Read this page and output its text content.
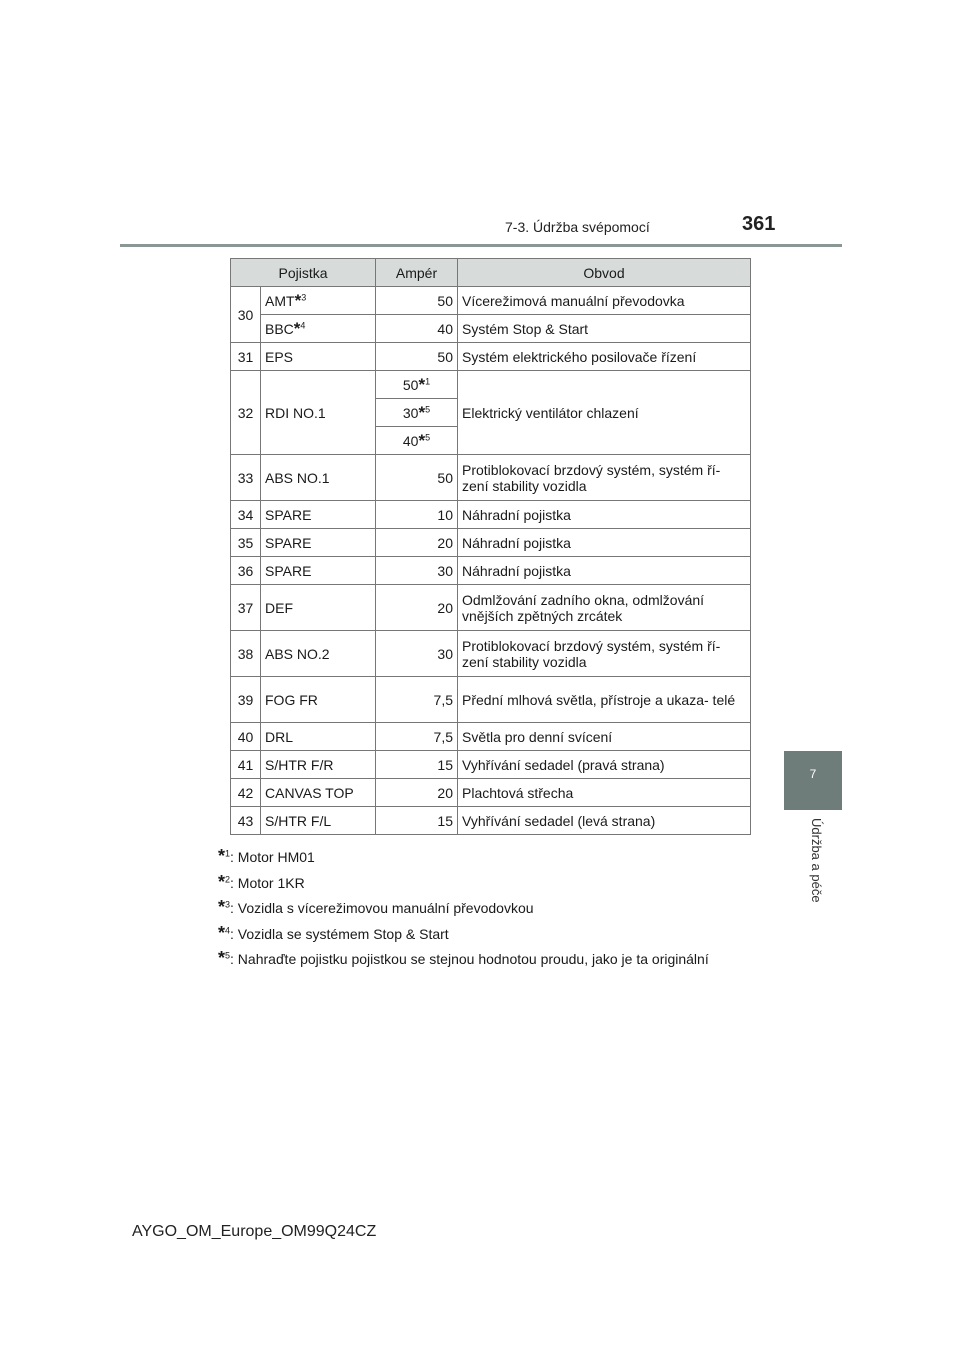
7-3. Údržba svépomocí	361
7
Údržba a péče
Pojistka		Ampér	Obvod
30	AMT*$^3$	50	Vícerežimová manuální převodovka
	BBC*$^4$	40	Systém Stop & Start
31	EPS	50	Systém elektrického posilovače řízení
32	RDI NO.1	50*$^1$	Elektrický ventilátor chlazení
		30*$^5$
		40*$^5$
33	ABS NO.1	50	Protiblokovací brzdový systém, systém ří- zení stability vozidla
34	SPARE	10	Náhradní pojistka
35	SPARE	20	Náhradní pojistka
36	SPARE	30	Náhradní pojistka
37	DEF	20	Odmlžování zadního okna, odmlžování vnějších zpětných zrcátek
38	ABS NO.2	30	Protiblokovací brzdový systém, systém ří- zení stability vozidla
39	FOG FR	7,5	Přední mlhová světla, přístroje a ukaza- telé
40	DRL	7,5	Světla pro denní svícení
41	S/HTR F/R	15	Vyhřívání sedadel (pravá strana)
42	CANVAS TOP	20	Plachtová střecha
43	S/HTR F/L	15	Vyhřívání sedadel (levá strana)
*$^1$: Motor HM01
*$^2$: Motor 1KR
*$^3$: Vozidla s vícerežimovou manuální převodovkou
*$^4$: Vozidla se systémem Stop & Start
*$^5$: Nahraďte pojistku pojistkou se stejnou hodnotou proudu, jako je ta originální
AYGO_OM_Europe_OM99Q24CZ
